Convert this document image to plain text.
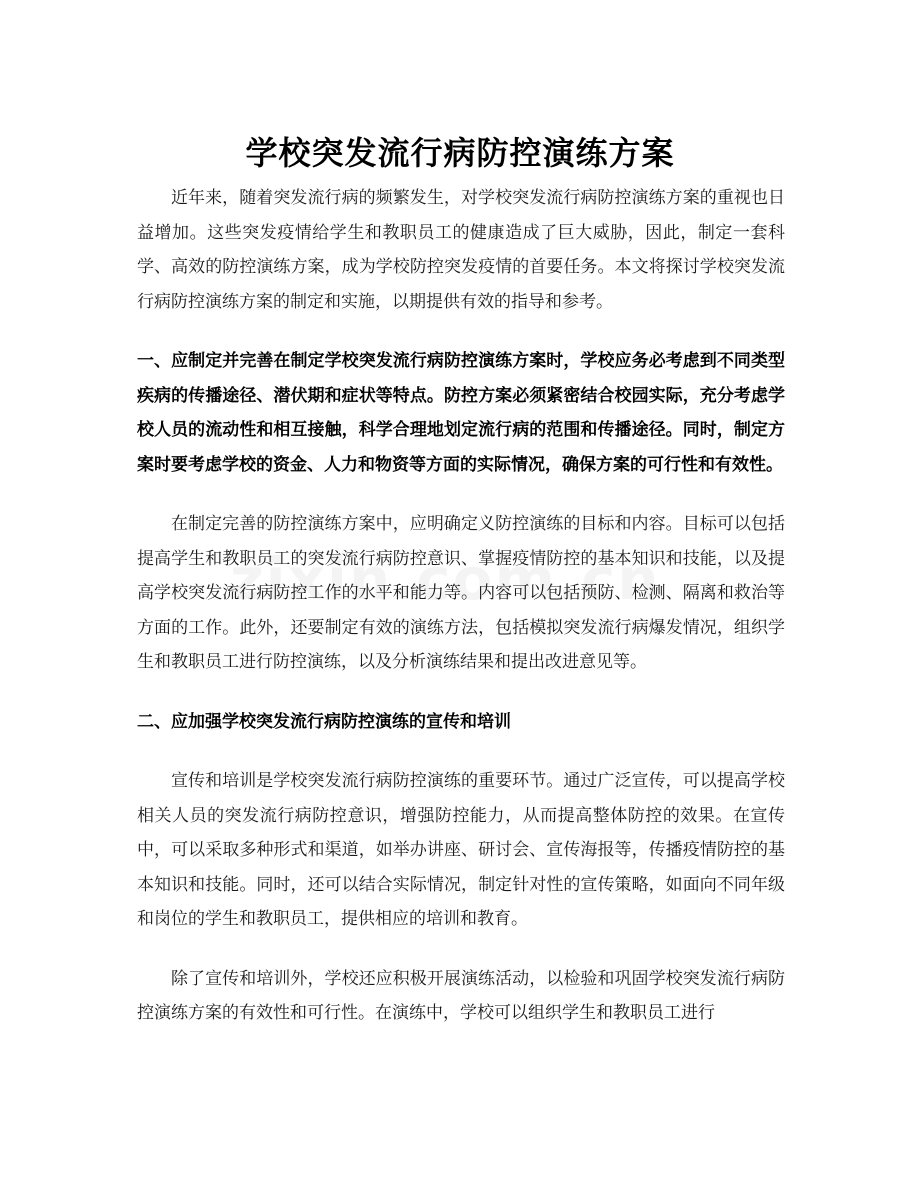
学校突发流行病防控演练方案

近年来，随着突发流行病的频繁发生，对学校突发流行病防控演练方案的重视也日益增加。这些突发疫情给学生和教职员工的健康造成了巨大威胁，因此，制定一套科学、高效的防控演练方案，成为学校防控突发疫情的首要任务。本文将探讨学校突发流行病防控演练方案的制定和实施，以期提供有效的指导和参考。

一、应制定并完善在制定学校突发流行病防控演练方案时，学校应务必考虑到不同类型疾病的传播途径、潜伏期和症状等特点。防控方案必须紧密结合校园实际，充分考虑学校人员的流动性和相互接触，科学合理地划定流行病的范围和传播途径。同时，制定方案时要考虑学校的资金、人力和物资等方面的实际情况，确保方案的可行性和有效性。

在制定完善的防控演练方案中，应明确定义防控演练的目标和内容。目标可以包括提高学生和教职员工的突发流行病防控意识、掌握疫情防控的基本知识和技能，以及提高学校突发流行病防控工作的水平和能力等。内容可以包括预防、检测、隔离和救治等方面的工作。此外，还要制定有效的演练方法，包括模拟突发流行病爆发情况，组织学生和教职员工进行防控演练，以及分析演练结果和提出改进意见等。

二、应加强学校突发流行病防控演练的宣传和培训

宣传和培训是学校突发流行病防控演练的重要环节。通过广泛宣传，可以提高学校相关人员的突发流行病防控意识，增强防控能力，从而提高整体防控的效果。在宣传中，可以采取多种形式和渠道，如举办讲座、研讨会、宣传海报等，传播疫情防控的基本知识和技能。同时，还可以结合实际情况，制定针对性的宣传策略，如面向不同年级和岗位的学生和教职员工，提供相应的培训和教育。

除了宣传和培训外，学校还应积极开展演练活动，以检验和巩固学校突发流行病防控演练方案的有效性和可行性。在演练中，学校可以组织学生和教职员工进行
